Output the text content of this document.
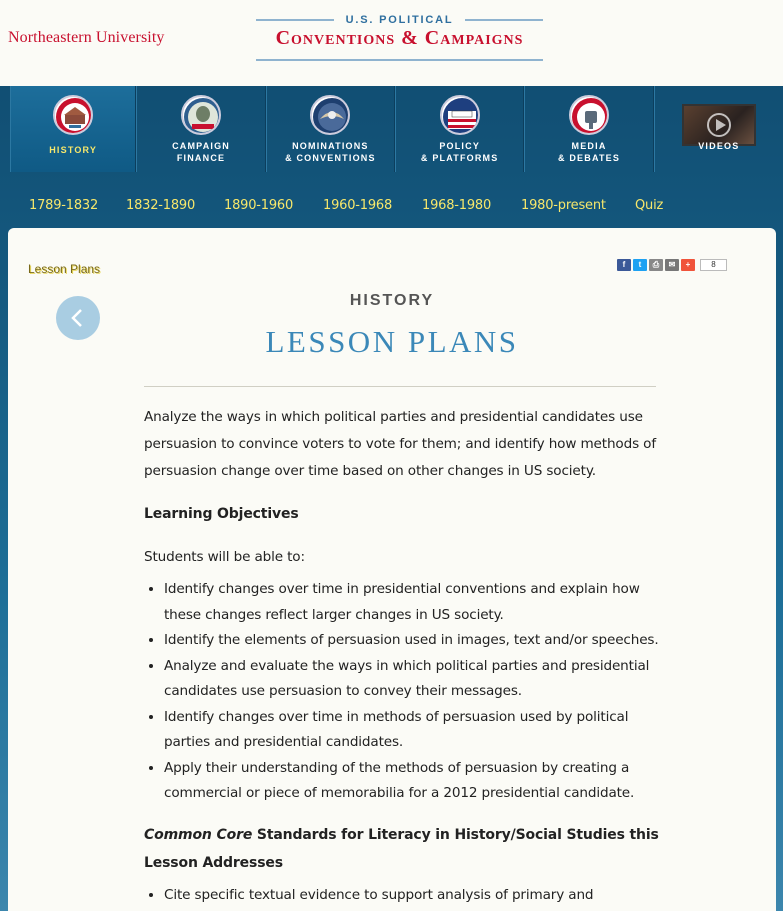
Northeastern University
U.S. POLITICAL
Conventions & Campaigns
HISTORY	CAMPAIGN
FINANCE
NOMINATIONS
& CONVENTIONS
POLICY
& PLATFORMS
MEDIA
& DEBATES
VIDEOS
1789-1832 1832-1890 1890-1960 1960-1968 1968-1980 1980-present Quiz
Lesson Plans	f	t	⎙	✉	+	8
HISTORY
LESSON PLANS

Analyze the ways in which political parties and presidential candidates use persuasion to convince voters to vote for them; and identify how methods of persuasion change over time based on other changes in US society.

Learning Objectives

Students will be able to:

• Identify changes over time in presidential conventions and explain how these changes reflect larger changes in US society.
• Identify the elements of persuasion used in images, text and/or speeches.
• Analyze and evaluate the ways in which political parties and presidential candidates use persuasion to convey their messages.
• Identify changes over time in methods of persuasion used by political parties and presidential candidates.
• Apply their understanding of the methods of persuasion by creating a commercial or piece of memorabilia for a 2012 presidential candidate.
Common Core Standards for Literacy in History/Social Studies this Lesson Addresses
• Cite specific textual evidence to support analysis of primary and
